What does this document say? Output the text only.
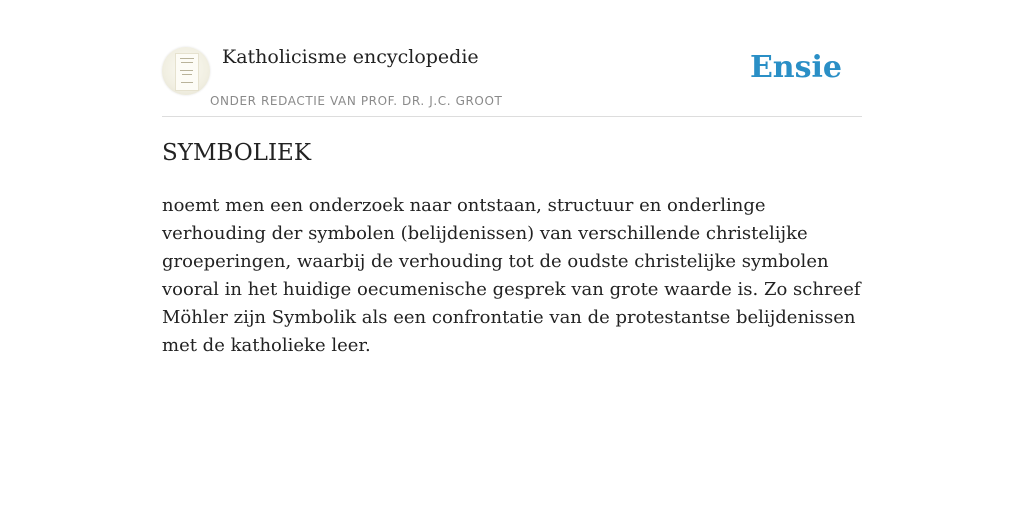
Katholicisme encyclopedie
ONDER REDACTIE VAN PROF. DR. J.C. GROOT
Ensie
SYMBOLIEK

noemt men een onderzoek naar ontstaan, structuur en onderlinge verhouding der symbolen (belijdenissen) van verschillende christelijke groeperingen, waarbij de verhouding tot de oudste christelijke symbolen vooral in het huidige oecumenische gesprek van grote waarde is. Zo schreef Möhler zijn Symbolik als een confrontatie van de protestantse belijdenissen met de katholieke leer.
